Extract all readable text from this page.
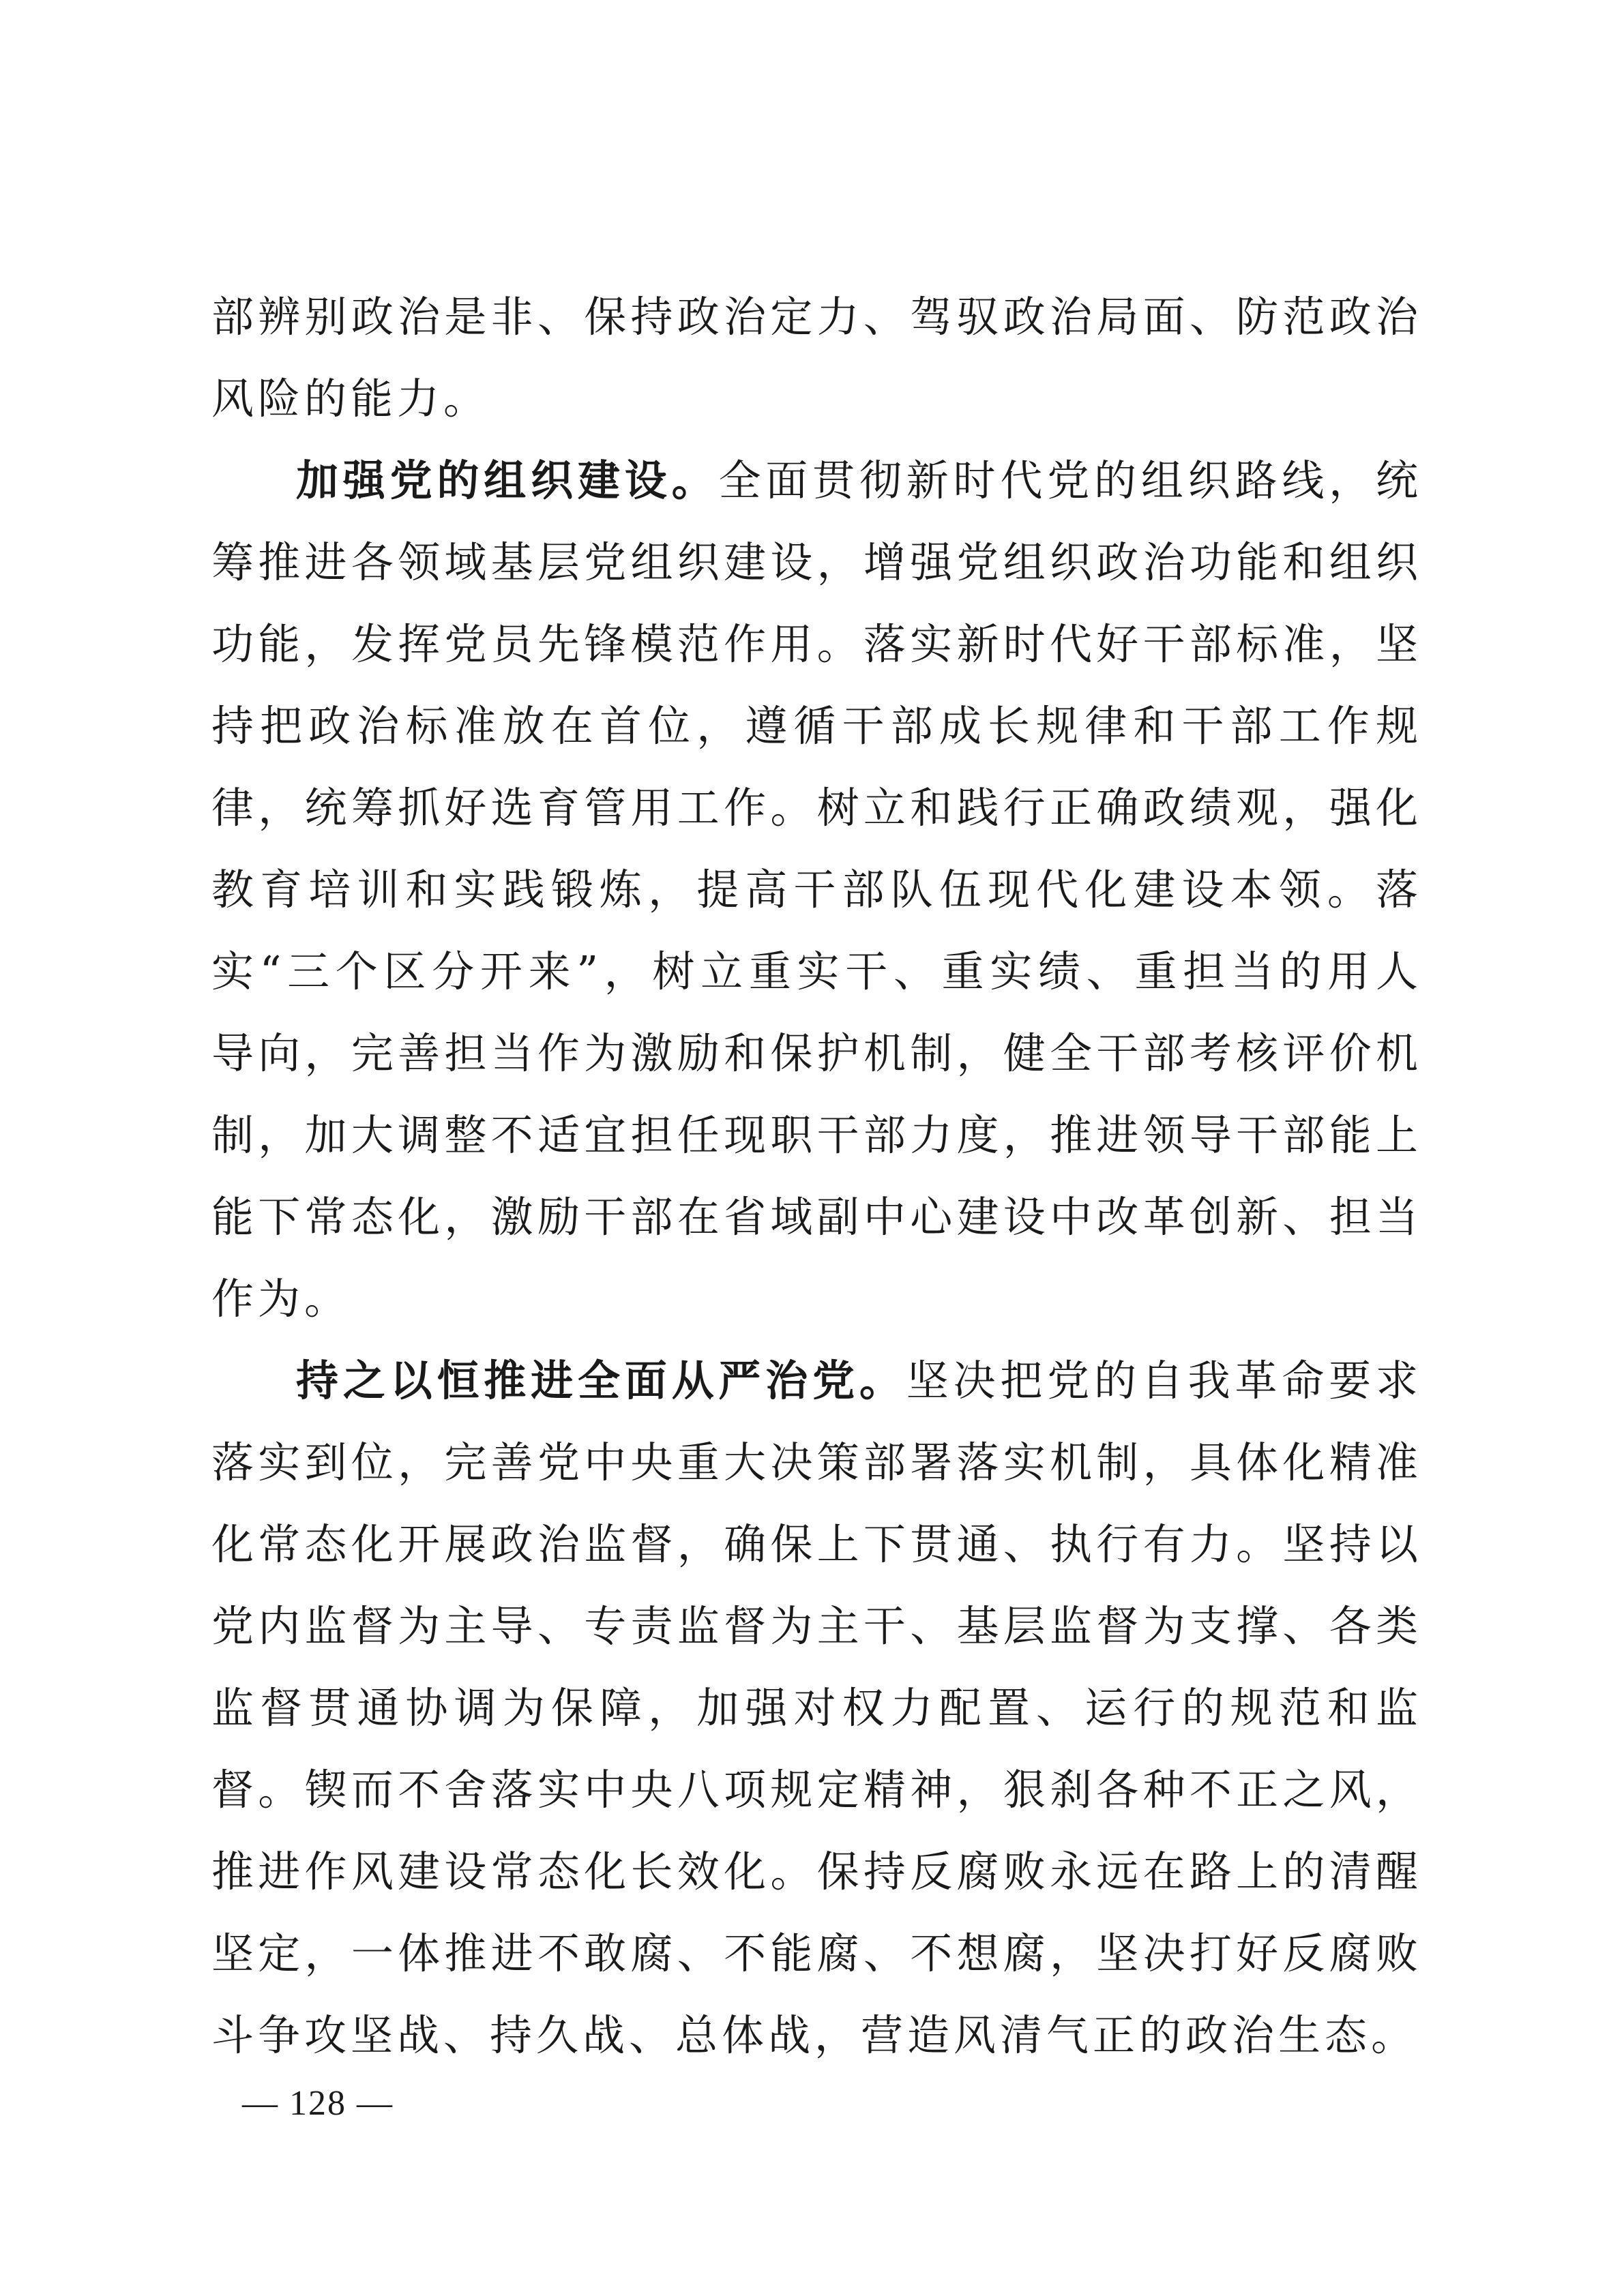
部辨别政治是非、保持政治定力、驾驭政治局面、防范政治风险的能力。

加强党的组织建设。全面贯彻新时代党的组织路线，统筹推进各领域基层党组织建设，增强党组织政治功能和组织功能，发挥党员先锋模范作用。落实新时代好干部标准，坚持把政治标准放在首位，遵循干部成长规律和干部工作规律，统筹抓好选育管用工作。树立和践行正确政绩观，强化教育培训和实践锻炼，提高干部队伍现代化建设本领。落实“三个区分开来”，树立重实干、重实绩、重担当的用人导向，完善担当作为激励和保护机制，健全干部考核评价机制，加大调整不适宜担任现职干部力度，推进领导干部能上能下常态化，激励干部在省域副中心建设中改革创新、担当作为。

持之以恒推进全面从严治党。坚决把党的自我革命要求落实到位，完善党中央重大决策部署落实机制，具体化精准化常态化开展政治监督，确保上下贯通、执行有力。坚持以党内监督为主导、专责监督为主干、基层监督为支撑、各类监督贯通协调为保障，加强对权力配置、运行的规范和监督。锲而不舍落实中央八项规定精神，狠刹各种不正之风，推进作风建设常态化长效化。保持反腐败永远在路上的清醒坚定，一体推进不敢腐、不能腐、不想腐，坚决打好反腐败斗争攻坚战、持久战、总体战，营造风清气正的政治生态。

— 128 —
